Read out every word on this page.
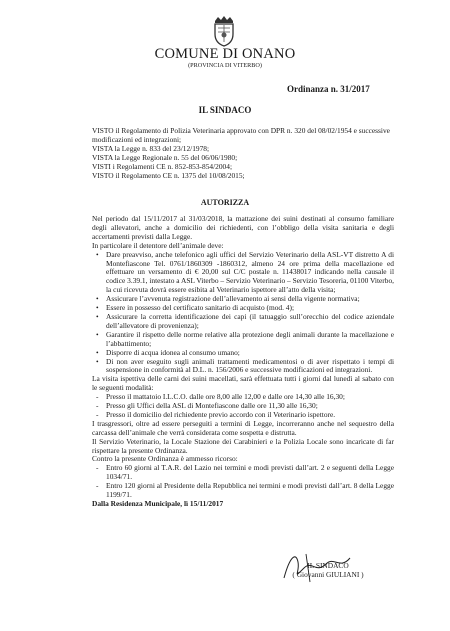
COMUNE DI ONANO
(PROVINCIA DI VITERBO)
Ordinanza n. 31/2017
IL SINDACO

VISTO il Regolamento di Polizia Veterinaria approvato con DPR n. 320 del 08/02/1954 e successive modificazioni ed integrazioni;

VISTA la Legge n. 833 del 23/12/1978;

VISTA la Legge Regionale n. 55 del 06/06/1980;

VISTI i Regolamenti CE n. 852-853-854/2004;

VISTO il Regolamento CE n. 1375 del 10/08/2015;

AUTORIZZA

Nel periodo dal 15/11/2017 al 31/03/2018, la mattazione dei suini destinati al consumo familiare degli allevatori, anche a domicilio dei richiedenti, con l’obbligo della visita sanitaria e degli accertamenti previsti dalla Legge.

In particolare il detentore dell’animale deve:

• Dare preavviso, anche telefonico agli uffici del Servizio Veterinario della ASL-VT distretto A di Montefiascone Tel. 0761/1860309 -1860312, almeno 24 ore prima della macellazione ed effettuare un versamento di € 20,00 sul C/C postale n. 11438017 indicando nella causale il codice 3.39.1, intestato a ASL Viterbo – Servizio Veterinario – Servizio Tesoreria, 01100 Viterbo, la cui ricevuta dovrà essere esibita al Veterinario ispettore all’atto della visita;
• Assicurare l’avvenuta registrazione dell’allevamento ai sensi della vigente normativa;
• Essere in possesso del certificato sanitario di acquisto (mod. 4);
• Assicurare la corretta identificazione dei capi (il tatuaggio sull’orecchio del codice aziendale dell’allevatore di provenienza);
• Garantire il rispetto delle norme relative alla protezione degli animali durante la macellazione e l’abbattimento;
• Disporre di acqua idonea al consumo umano;
• Di non aver eseguito sugli animali trattamenti medicamentosi o di aver rispettato i tempi di sospensione in conformità al D.L. n. 156/2006 e successive modificazioni ed integrazioni.

La visita ispettiva delle carni dei suini macellati, sarà effettuata tutti i giorni dal lunedì al sabato con le seguenti modalità:

- Presso il mattatoio I.L.C.O. dalle ore 8,00 alle 12,00 e dalle ore 14,30 alle 16,30;
- Presso gli Uffici della ASL di Montefiascone dalle ore 11,30 alle 16,30;
- Presso il domicilio del richiedente previo accordo con il Veterinario ispettore.

I trasgressori, oltre ad essere perseguiti a termini di Legge, incorreranno anche nel sequestro della carcassa dell’animale che verrà considerata come sospetta e distrutta.

Il Servizio Veterinario, la Locale Stazione dei Carabinieri e la Polizia Locale sono incaricate di far rispettare la presente Ordinanza.

Contro la presente Ordinanza è ammesso ricorso:

- Entro 60 giorni al T.A.R. del Lazio nei termini e modi previsti dall’art. 2 e seguenti della Legge 1034/71.
- Entro 120 giorni al Presidente della Repubblica nei termini e modi previsti dall’art. 8 della Legge 1199/71.

Dalla Residenza Municipale, lì 15/11/2017

IL SINDACO
( Giovanni GIULIANI )
